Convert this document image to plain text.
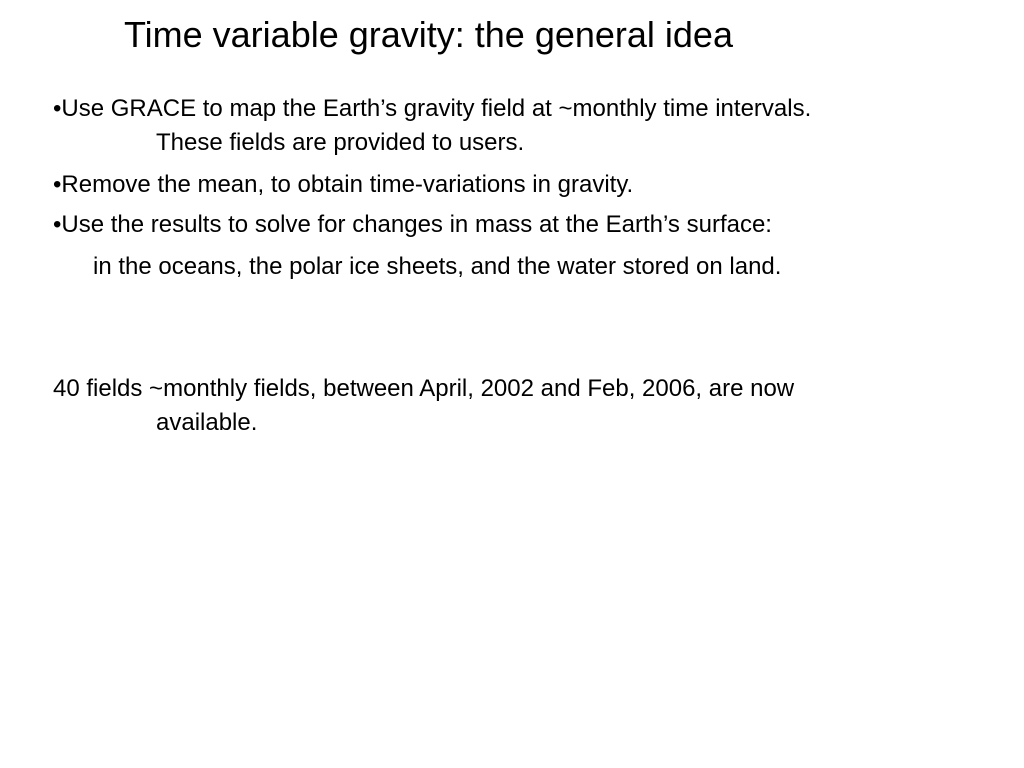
Time variable gravity: the general idea
•Use GRACE to map the Earth’s gravity field at ~monthly time intervals.
These fields are provided to users.
•Remove the mean, to obtain time-variations in gravity.
•Use the results to solve for changes in mass at the Earth’s surface:
in the oceans, the polar ice sheets, and the water stored on land.
40 fields ~monthly fields, between April, 2002 and Feb, 2006, are now
available.
